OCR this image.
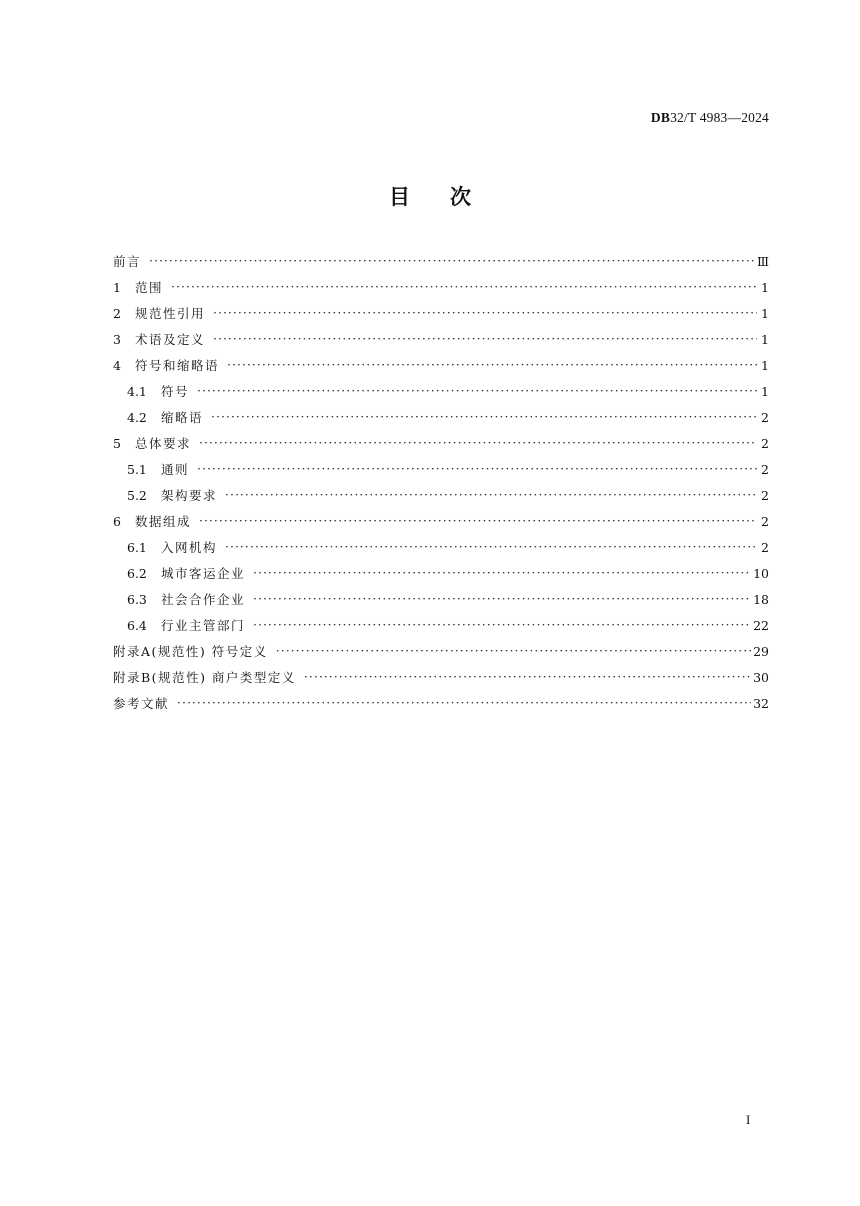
DB32/T 4983—2024
目次
前言 ·····	Ⅲ
1	范围 ·····	1
2	规范性引用 ·····	1
3	术语及定义 ·····	1
4	符号和缩略语 ·····	1
4.1	符号 ·····	1
4.2	缩略语 ·····	2
5	总体要求 ·····	2
5.1	通则 ·····	2
5.2	架构要求 ·····	2
6	数据组成 ·····	2
6.1	入网机构 ·····	2
6.2	城市客运企业 ·····	10
6.3	社会合作企业 ·····	18
6.4	行业主管部门 ·····	22
附录A(规范性) 符号定义 ·····	29
附录B(规范性) 商户类型定义 ·····	30
参考文献 ·····	32
I
